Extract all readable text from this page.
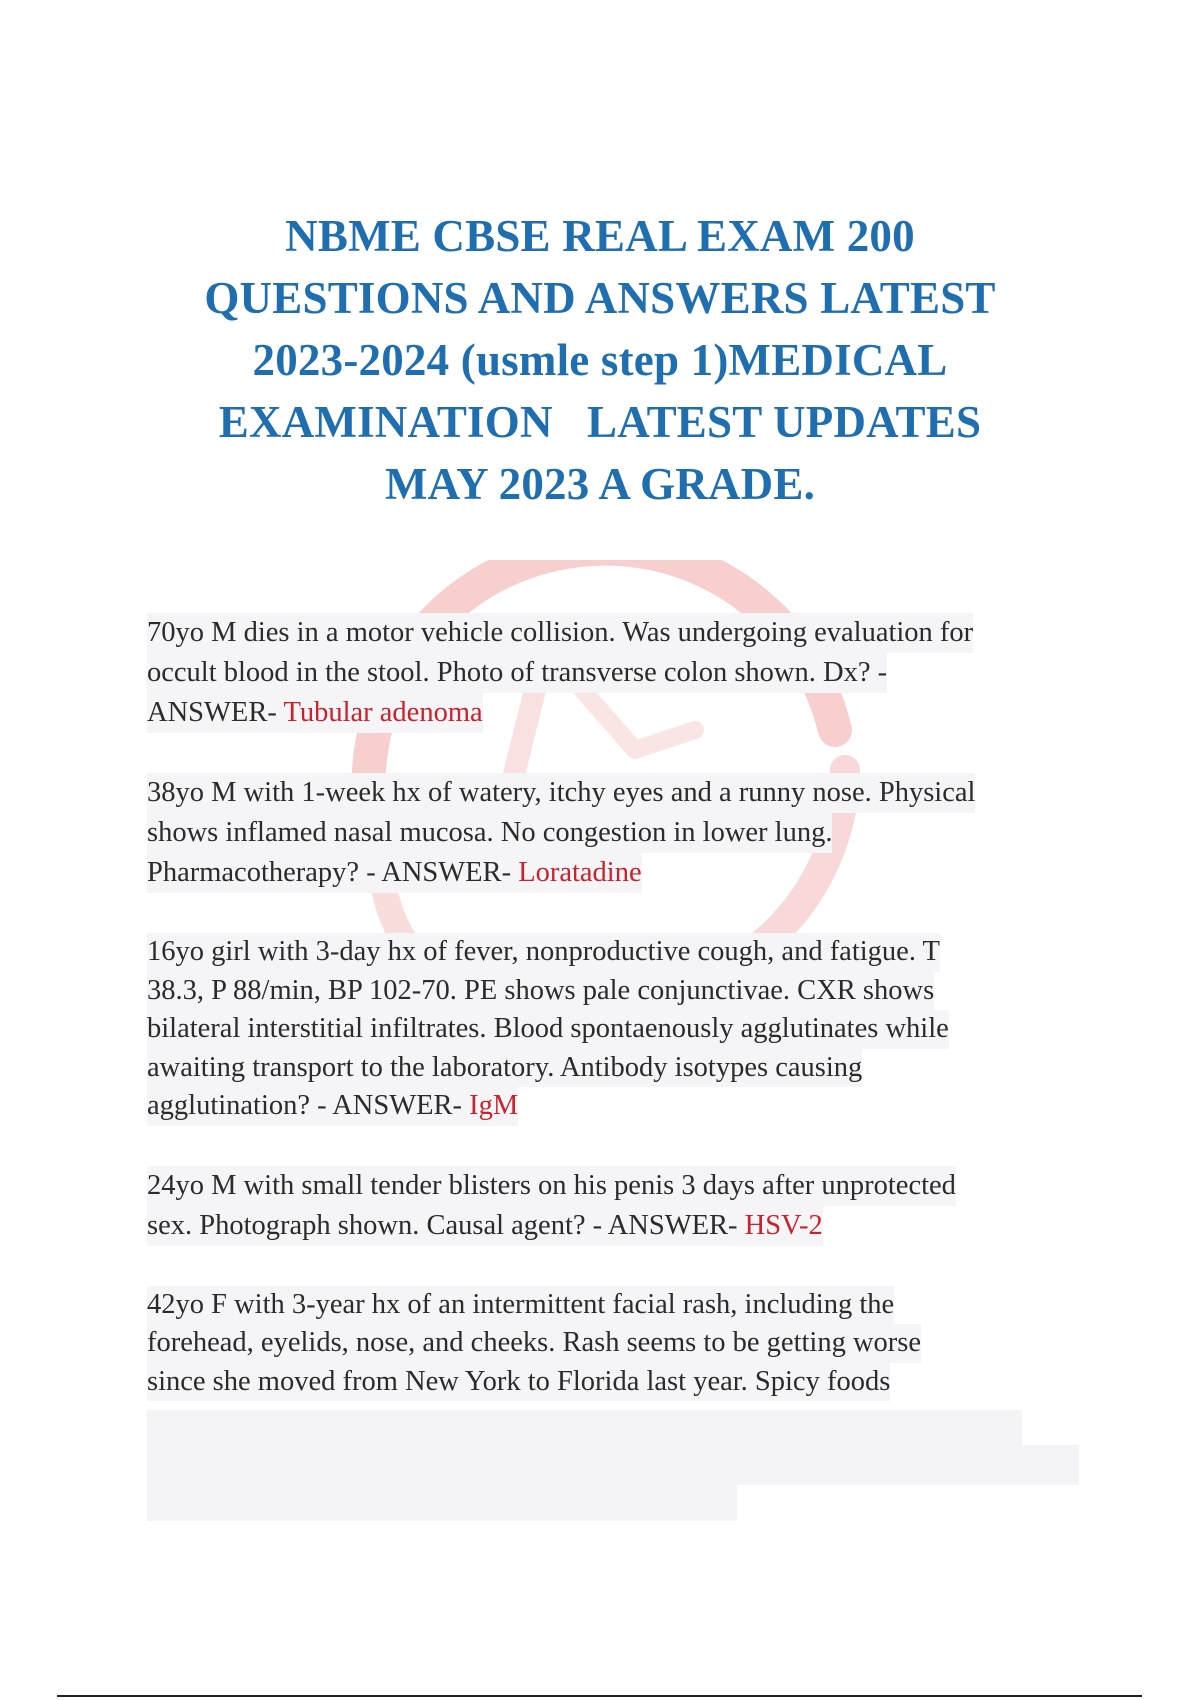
NBME CBSE REAL EXAM 200
QUESTIONS AND ANSWERS LATEST
2023-2024 (usmle step 1)MEDICAL
EXAMINATION   LATEST UPDATES
MAY 2023 A GRADE.
70yo M dies in a motor vehicle collision. Was undergoing evaluation for
occult blood in the stool. Photo of transverse colon shown. Dx? -
ANSWER- Tubular adenoma
38yo M with 1-week hx of watery, itchy eyes and a runny nose. Physical
shows inflamed nasal mucosa. No congestion in lower lung.
Pharmacotherapy? - ANSWER- Loratadine
16yo girl with 3-day hx of fever, nonproductive cough, and fatigue. T
38.3, P 88/min, BP 102-70. PE shows pale conjunctivae. CXR shows
bilateral interstitial infiltrates. Blood spontaenously agglutinates while
awaiting transport to the laboratory. Antibody isotypes causing
agglutination? - ANSWER- IgM
24yo M with small tender blisters on his penis 3 days after unprotected
sex. Photograph shown. Causal agent? - ANSWER- HSV-2
42yo F with 3-year hx of an intermittent facial rash, including the
forehead, eyelids, nose, and cheeks. Rash seems to be getting worse
since she moved from New York to Florida last year. Spicy foods
